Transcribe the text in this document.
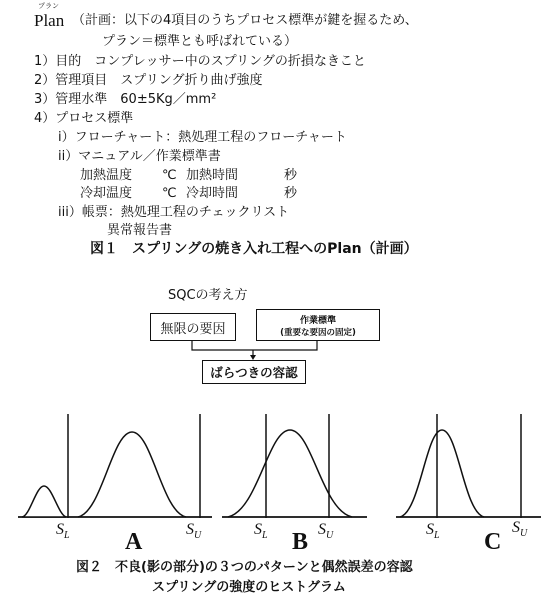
プラン
Plan （計画：以下の4項目のうちプロセス標準が鍵を握るため、
プラン＝標準とも呼ばれている）
1）目的　コンプレッサー中のスプリングの折損なきこと
2）管理項目　スプリング折り曲げ強度
3）管理水準　60±5Kg／mm²
4）プロセス標準
i）フローチャート：熱処理工程のフローチャート
ii）マニュアル／作業標準書
加熱温度 ℃ 加熱時間	秒
冷却温度 ℃ 冷却時間	秒
iii）帳票：熱処理工程のチェックリスト
異常報告書
図１　スプリングの焼き入れ工程へのPlan（計画）
SQCの考え方
無限の要因
作業標準
(重要な要因の固定)
ばらつきの容認
$S_L$	$S_U$
A	$S_L$	$S_U$
B	$S_L$	$S_U$
C
図２　不良(影の部分)の３つのパターンと偶然誤差の容認
スプリングの強度のヒストグラム
